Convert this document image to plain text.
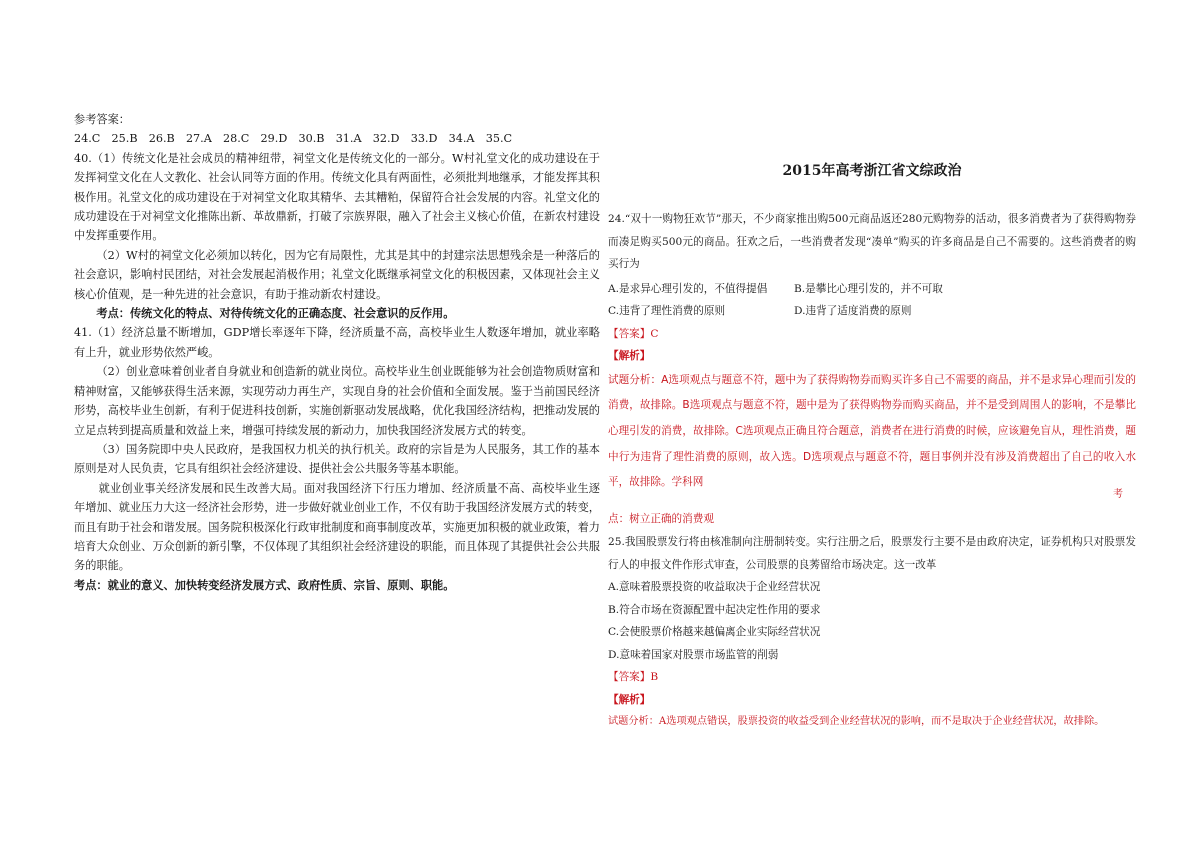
参考答案：

24.C　25.B　26.B　27.A　28.C　29.D　30.B　31.A　32.D　33.D　34.A　35.C

40.（1）传统文化是社会成员的精神纽带，祠堂文化是传统文化的一部分。W村礼堂文化的成功建设在于发挥祠堂文化在人文教化、社会认同等方面的作用。传统文化具有两面性，必须批判地继承，才能发挥其积极作用。礼堂文化的成功建设在于对祠堂文化取其精华、去其糟粕，保留符合社会发展的内容。礼堂文化的成功建设在于对祠堂文化推陈出新、革故鼎新，打破了宗族界限，融入了社会主义核心价值，在新农村建设中发挥重要作用。

（2）W村的祠堂文化必须加以转化，因为它有局限性，尤其是其中的封建宗法思想残余是一种落后的社会意识，影响村民团结，对社会发展起消极作用；礼堂文化既继承祠堂文化的积极因素，又体现社会主义核心价值观，是一种先进的社会意识，有助于推动新农村建设。

考点：传统文化的特点、对待传统文化的正确态度、社会意识的反作用。

41.（1）经济总量不断增加，GDP增长率逐年下降，经济质量不高，高校毕业生人数逐年增加，就业率略有上升，就业形势依然严峻。

（2）创业意味着创业者自身就业和创造新的就业岗位。高校毕业生创业既能够为社会创造物质财富和精神财富，又能够获得生活来源，实现劳动力再生产，实现自身的社会价值和全面发展。鉴于当前国民经济形势，高校毕业生创新，有利于促进科技创新，实施创新驱动发展战略，优化我国经济结构，把推动发展的立足点转到提高质量和效益上来，增强可持续发展的新动力，加快我国经济发展方式的转变。

（3）国务院即中央人民政府，是我国权力机关的执行机关。政府的宗旨是为人民服务，其工作的基本原则是对人民负责，它具有组织社会经济建设、提供社会公共服务等基本职能。

就业创业事关经济发展和民生改善大局。面对我国经济下行压力增加、经济质量不高、高校毕业生逐年增加、就业压力大这一经济社会形势，进一步做好就业创业工作，不仅有助于我国经济发展方式的转变，而且有助于社会和谐发展。国务院积极深化行政审批制度和商事制度改革，实施更加积极的就业政策，着力培育大众创业、万众创新的新引擎，不仅体现了其组织社会经济建设的职能，而且体现了其提供社会公共服务的职能。

考点：就业的意义、加快转变经济发展方式、政府性质、宗旨、原则、职能。

2015年高考浙江省文综政治

24.“双十一购物狂欢节”那天，不少商家推出购500元商品返还280元购物券的活动，很多消费者为了获得购物券而凑足购买500元的商品。狂欢之后，一些消费者发现“凑单”购买的许多商品是自己不需要的。这些消费者的购买行为

A.是求异心理引发的，不值得提倡	B.是攀比心理引发的，并不可取
C.违背了理性消费的原则	D.违背了适度消费的原则

【答案】C

【解析】

试题分析：A选项观点与题意不符，题中为了获得购物券而购买许多自己不需要的商品，并不是求异心理而引发的消费，故排除。B选项观点与题意不符，题中是为了获得购物券而购买商品，并不是受到周围人的影响，不是攀比心理引发的消费，故排除。C选项观点正确且符合题意，消费者在进行消费的时候，应该避免盲从，理性消费，题中行为违背了理性消费的原则，故入选。D选项观点与题意不符，题目事例并没有涉及消费超出了自己的收入水平，故排除。学科网

考

点：树立正确的消费观

25.我国股票发行将由核准制向注册制转变。实行注册之后，股票发行主要不是由政府决定，证券机构只对股票发行人的申报文件作形式审查，公司股票的良莠留给市场决定。这一改革

A.意味着股票投资的收益取决于企业经营状况

B.符合市场在资源配置中起决定性作用的要求

C.会使股票价格越来越偏离企业实际经营状况

D.意味着国家对股票市场监管的削弱

【答案】B

【解析】

试题分析：A选项观点错误，股票投资的收益受到企业经营状况的影响，而不是取决于企业经营状况，故排除。
